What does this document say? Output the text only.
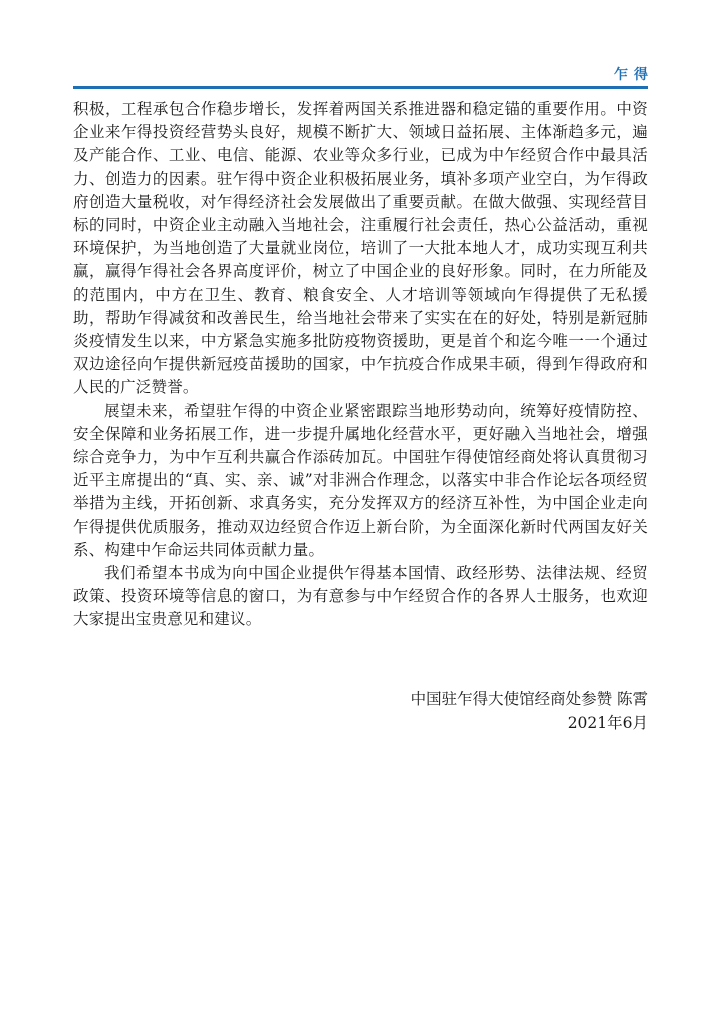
乍得

积极，工程承包合作稳步增长，发挥着两国关系推进器和稳定锚的重要作用。中资企业来乍得投资经营势头良好，规模不断扩大、领域日益拓展、主体渐趋多元，遍及产能合作、工业、电信、能源、农业等众多行业，已成为中乍经贸合作中最具活力、创造力的因素。驻乍得中资企业积极拓展业务，填补多项产业空白，为乍得政府创造大量税收，对乍得经济社会发展做出了重要贡献。在做大做强、实现经营目标的同时，中资企业主动融入当地社会，注重履行社会责任，热心公益活动，重视环境保护，为当地创造了大量就业岗位，培训了一大批本地人才，成功实现互利共赢，赢得乍得社会各界高度评价，树立了中国企业的良好形象。同时，在力所能及的范围内，中方在卫生、教育、粮食安全、人才培训等领域向乍得提供了无私援助，帮助乍得减贫和改善民生，给当地社会带来了实实在在的好处，特别是新冠肺炎疫情发生以来，中方紧急实施多批防疫物资援助，更是首个和迄今唯一一个通过双边途径向乍提供新冠疫苗援助的国家，中乍抗疫合作成果丰硕，得到乍得政府和人民的广泛赞誉。

展望未来，希望驻乍得的中资企业紧密跟踪当地形势动向，统筹好疫情防控、安全保障和业务拓展工作，进一步提升属地化经营水平，更好融入当地社会，增强综合竞争力，为中乍互利共赢合作添砖加瓦。中国驻乍得使馆经商处将认真贯彻习近平主席提出的“真、实、亲、诚”对非洲合作理念，以落实中非合作论坛各项经贸举措为主线，开拓创新、求真务实，充分发挥双方的经济互补性，为中国企业走向乍得提供优质服务，推动双边经贸合作迈上新台阶，为全面深化新时代两国友好关系、构建中乍命运共同体贡献力量。

我们希望本书成为向中国企业提供乍得基本国情、政经形势、法律法规、经贸政策、投资环境等信息的窗口，为有意参与中乍经贸合作的各界人士服务，也欢迎大家提出宝贵意见和建议。

中国驻乍得大使馆经商处参赞 陈霄
2021年6月
